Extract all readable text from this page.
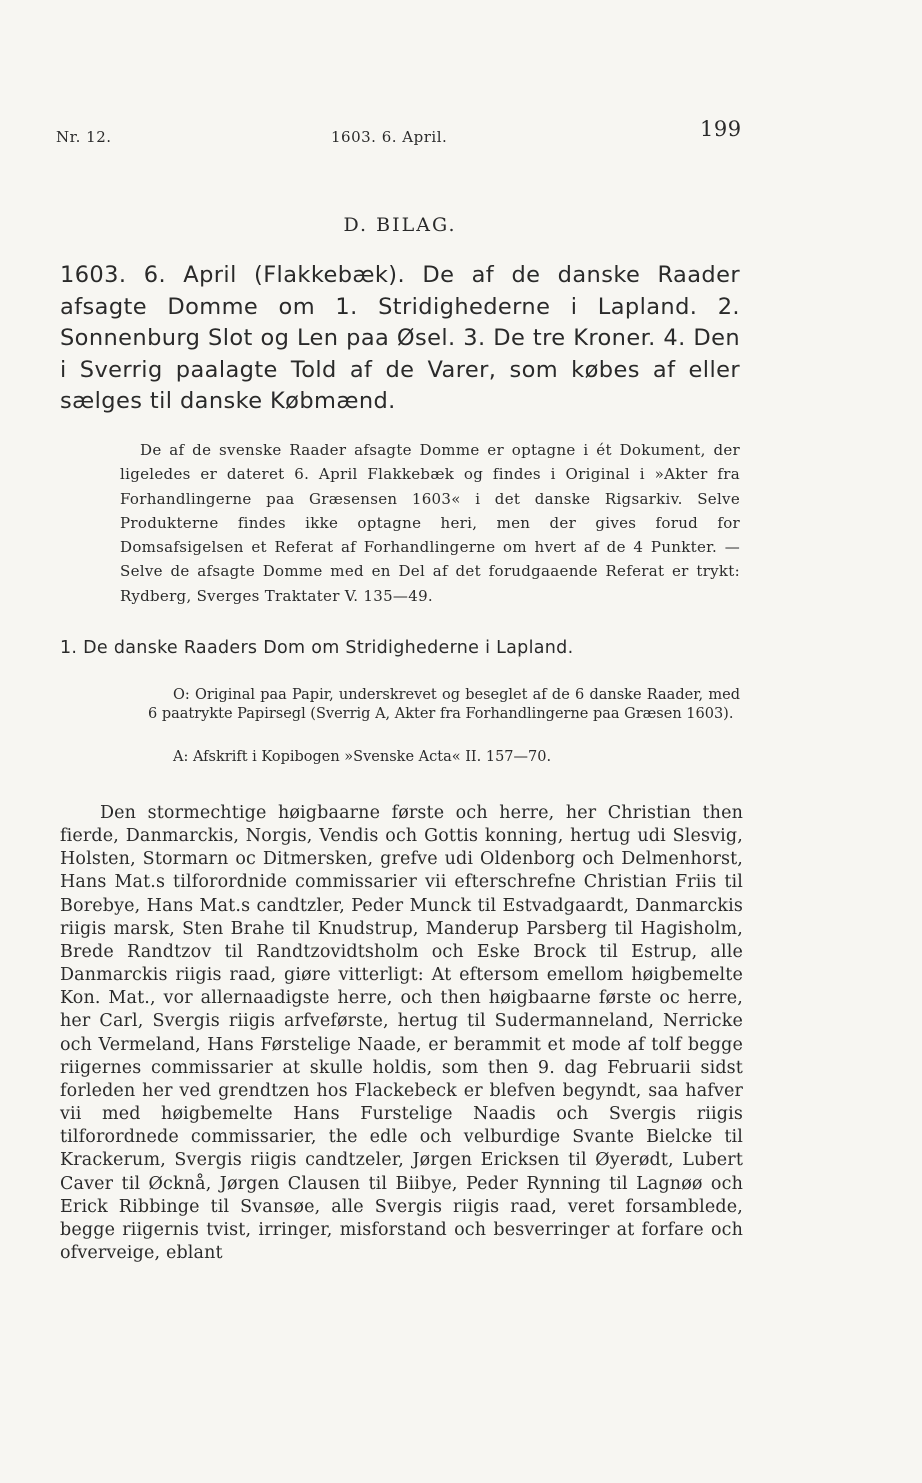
Nr. 12.	1603. 6. April.	199
D. BILAG.

1603. 6. April (Flakkebæk). De af de danske Raader afsagte Domme om 1. Stridighederne i Lapland. 2. Sonnenburg Slot og Len paa Øsel. 3. De tre Kroner. 4. Den i Sverrig paalagte Told af de Varer, som købes af eller sælges til danske Købmænd.

De af de svenske Raader afsagte Domme er optagne i ét Dokument, der ligeledes er dateret 6. April Flakkebæk og findes i Original i »Akter fra Forhandlingerne paa Græsensen 1603« i det danske Rigsarkiv. Selve Produkterne findes ikke optagne heri, men der gives forud for Domsafsigelsen et Referat af Forhandlingerne om hvert af de 4 Punkter. — Selve de afsagte Domme med en Del af det forudgaaende Referat er trykt: Rydberg, Sverges Traktater V. 135—49.

1. De danske Raaders Dom om Stridighederne i Lapland.

O: Original paa Papir, underskrevet og beseglet af de 6 danske Raader, med 6 paatrykte Papirsegl (Sverrig A, Akter fra Forhandlingerne paa Græsen 1603).

A: Afskrift i Kopibogen »Svenske Acta« II. 157—70.

Den stormechtige høigbaarne første och herre, her Christian then fierde, Danmarckis, Norgis, Vendis och Gottis konning, hertug udi Slesvig, Holsten, Stormarn oc Ditmersken, grefve udi Oldenborg och Delmenhorst, Hans Mat.s tilforordnide commissarier vii efterschrefne Christian Friis til Borebye, Hans Mat.s candtzler, Peder Munck til Estvadgaardt, Danmarckis riigis marsk, Sten Brahe til Knudstrup, Manderup Parsberg til Hagisholm, Brede Randtzov til Randtzovidtsholm och Eske Brock til Estrup, alle Danmarckis riigis raad, giøre vitterligt: At eftersom emellom høigbemelte Kon. Mat., vor allernaadigste herre, och then høigbaarne første oc herre, her Carl, Svergis riigis arfveførste, hertug til Sudermanneland, Nerricke och Vermeland, Hans Førstelige Naade, er berammit et mode af tolf begge riigernes commissarier at skulle holdis, som then 9. dag Februarii sidst forleden her ved grendtzen hos Flackebeck er blefven begyndt, saa hafver vii med høigbemelte Hans Furstelige Naadis och Svergis riigis tilforordnede commissarier, the edle och velburdige Svante Bielcke til Krackerum, Svergis riigis candtzeler, Jørgen Ericksen til Øyerødt, Lubert Caver til Øcknå, Jørgen Clausen til Biibye, Peder Rynning til Lagnøø och Erick Ribbinge til Svansøe, alle Svergis riigis raad, veret forsamblede, begge riigernis tvist, irringer, misforstand och besverringer at forfare och ofverveige, eblant
